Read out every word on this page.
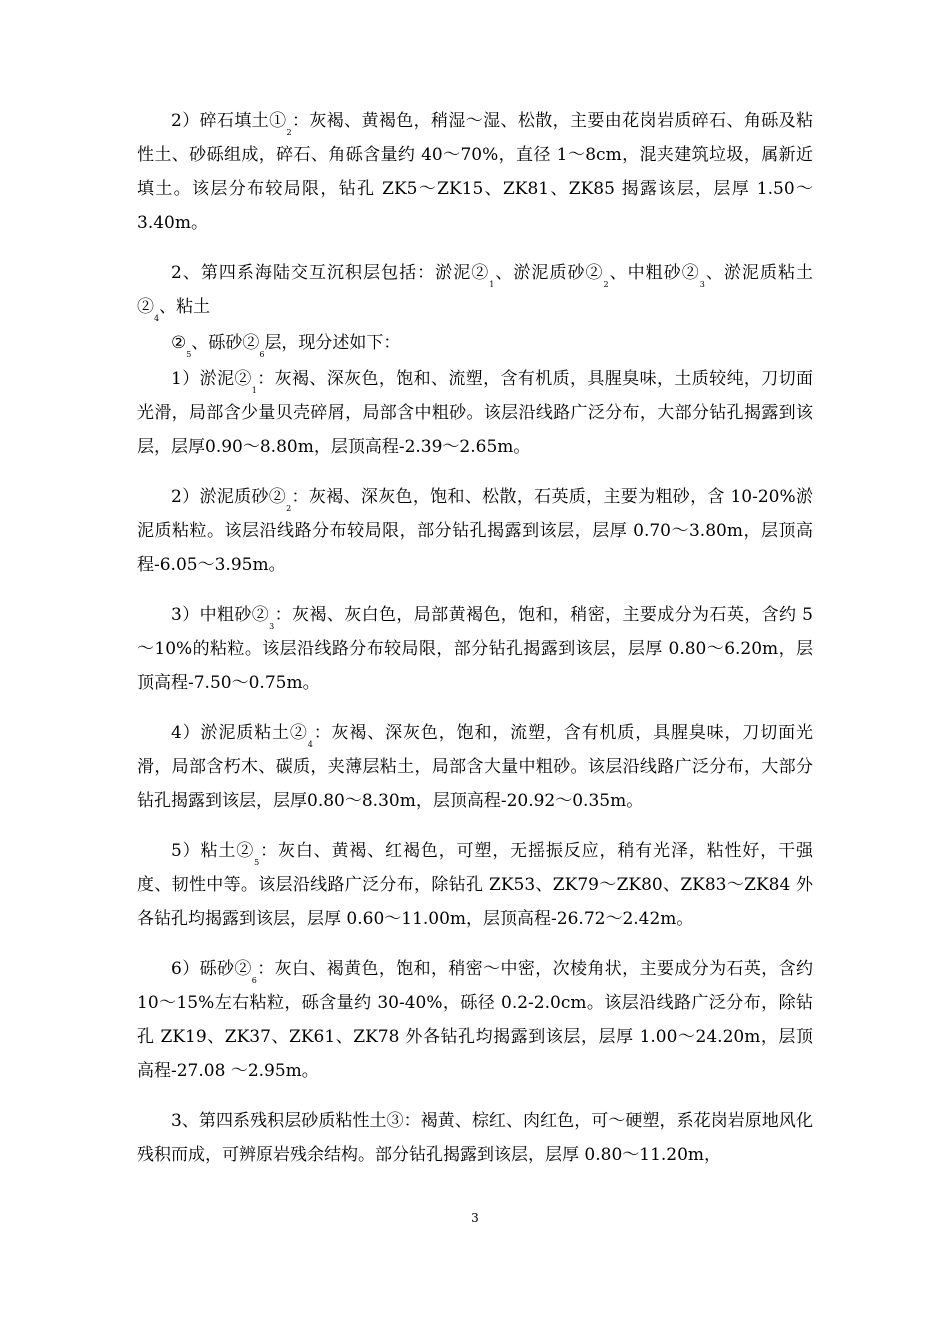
2）碎石填土$①_2$：灰褐、黄褐色，稍湿～湿、松散，主要由花岗岩质碎石、角砾及粘性土、砂砾组成，碎石、角砾含量约 40～70%，直径 1～8cm，混夹建筑垃圾，属新近填土。该层分布较局限，钻孔 ZK5～ZK15、ZK81、ZK85 揭露该层，层厚 1.50～3.40m。

2、第四系海陆交互沉积层包括：淤泥$②_1$、淤泥质砂$②_2$、中粗砂$②_3$、淤泥质粘土$②_4$、粘土

$②_5$、砾砂$②_6$层，现分述如下：

1）淤泥$②_1$：灰褐、深灰色，饱和、流塑，含有机质，具腥臭味，土质较纯，刀切面光滑，局部含少量贝壳碎屑，局部含中粗砂。该层沿线路广泛分布，大部分钻孔揭露到该层，层厚0.90～8.80m，层顶高程-2.39～2.65m。

2）淤泥质砂$②_2$：灰褐、深灰色，饱和、松散，石英质，主要为粗砂，含 10-20%淤泥质粘粒。该层沿线路分布较局限，部分钻孔揭露到该层，层厚 0.70～3.80m，层顶高程-6.05～3.95m。

3）中粗砂$②_3$：灰褐、灰白色，局部黄褐色，饱和，稍密，主要成分为石英，含约 5～10%的粘粒。该层沿线路分布较局限，部分钻孔揭露到该层，层厚 0.80～6.20m，层顶高程-7.50～0.75m。

4）淤泥质粘土$②_4$：灰褐、深灰色，饱和，流塑，含有机质，具腥臭味，刀切面光滑，局部含朽木、碳质，夹薄层粘土，局部含大量中粗砂。该层沿线路广泛分布，大部分钻孔揭露到该层，层厚0.80～8.30m，层顶高程-20.92～0.35m。

5）粘土$②_5$：灰白、黄褐、红褐色，可塑，无摇振反应，稍有光泽，粘性好，干强度、韧性中等。该层沿线路广泛分布，除钻孔 ZK53、ZK79～ZK80、ZK83～ZK84 外各钻孔均揭露到该层，层厚 0.60～11.00m，层顶高程-26.72～2.42m。

6）砾砂$②_6$：灰白、褐黄色，饱和，稍密～中密，次棱角状，主要成分为石英，含约 10～15%左右粘粒，砾含量约 30-40%，砾径 0.2-2.0cm。该层沿线路广泛分布，除钻孔 ZK19、ZK37、ZK61、ZK78 外各钻孔均揭露到该层，层厚 1.00～24.20m，层顶高程-27.08 ～2.95m。

3、第四系残积层砂质粘性土③：褐黄、棕红、肉红色，可～硬塑，系花岗岩原地风化残积而成，可辨原岩残余结构。部分钻孔揭露到该层，层厚 0.80～11.20m，

3
